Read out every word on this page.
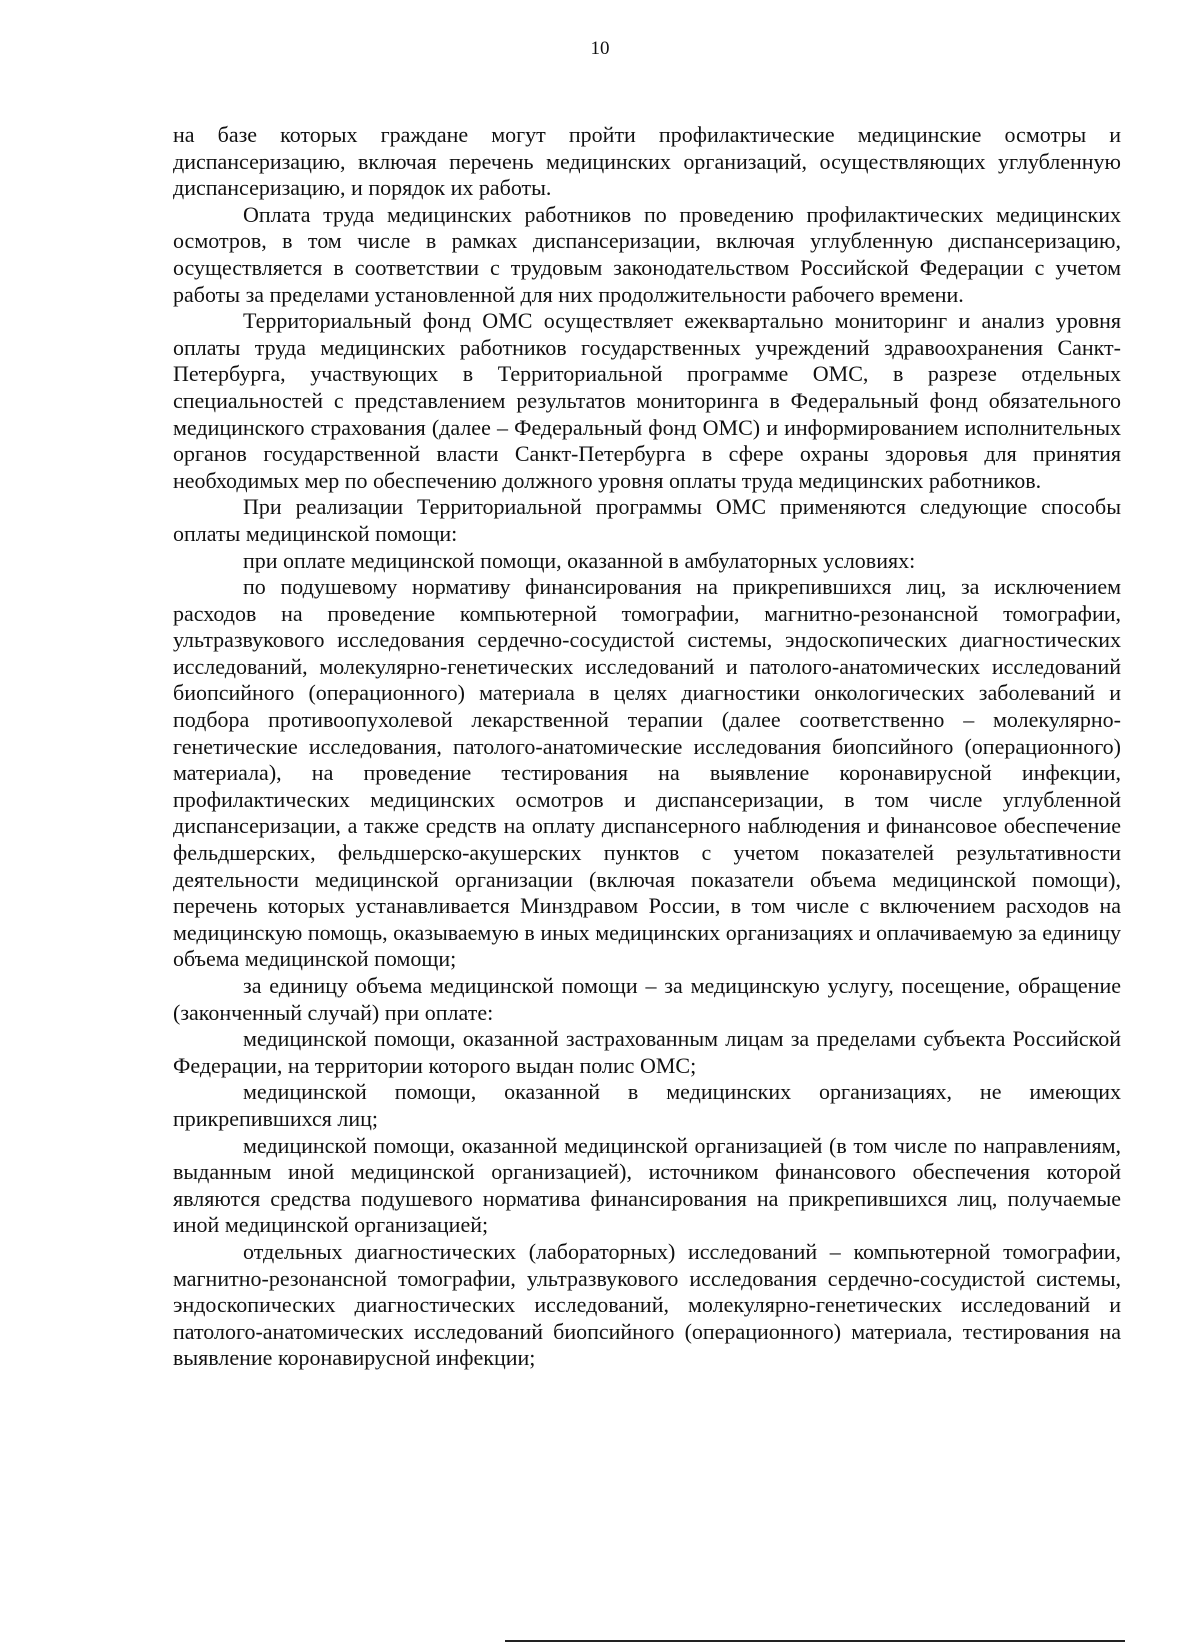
10

на базе которых граждане могут пройти профилактические медицинские осмотры и диспансеризацию, включая перечень медицинских организаций, осуществляющих углубленную диспансеризацию, и порядок их работы.

Оплата труда медицинских работников по проведению профилактических медицинских осмотров, в том числе в рамках диспансеризации, включая углубленную диспансеризацию, осуществляется в соответствии с трудовым законодательством Российской Федерации с учетом работы за пределами установленной для них продолжительности рабочего времени.

Территориальный фонд ОМС осуществляет ежеквартально мониторинг и анализ уровня оплаты труда медицинских работников государственных учреждений здравоохранения Санкт-Петербурга, участвующих в Территориальной программе ОМС, в разрезе отдельных специальностей с представлением результатов мониторинга в Федеральный фонд обязательного медицинского страхования (далее – Федеральный фонд ОМС) и информированием исполнительных органов государственной власти Санкт-Петербурга в сфере охраны здоровья для принятия необходимых мер по обеспечению должного уровня оплаты труда медицинских работников.

При реализации Территориальной программы ОМС применяются следующие способы оплаты медицинской помощи:

при оплате медицинской помощи, оказанной в амбулаторных условиях:

по подушевому нормативу финансирования на прикрепившихся лиц, за исключением расходов на проведение компьютерной томографии, магнитно-резонансной томографии, ультразвукового исследования сердечно-сосудистой системы, эндоскопических диагностических исследований, молекулярно-генетических исследований и патолого-анатомических исследований биопсийного (операционного) материала в целях диагностики онкологических заболеваний и подбора противоопухолевой лекарственной терапии (далее соответственно – молекулярно-генетические исследования, патолого-анатомические исследования биопсийного (операционного) материала), на проведение тестирования на выявление коронавирусной инфекции, профилактических медицинских осмотров и диспансеризации, в том числе углубленной диспансеризации, а также средств на оплату диспансерного наблюдения и финансовое обеспечение фельдшерских, фельдшерско-акушерских пунктов с учетом показателей результативности деятельности медицинской организации (включая показатели объема медицинской помощи), перечень которых устанавливается Минздравом России, в том числе с включением расходов на медицинскую помощь, оказываемую в иных медицинских организациях и оплачиваемую за единицу объема медицинской помощи;

за единицу объема медицинской помощи – за медицинскую услугу, посещение, обращение (законченный случай) при оплате:

медицинской помощи, оказанной застрахованным лицам за пределами субъекта Российской Федерации, на территории которого выдан полис ОМС;

медицинской помощи, оказанной в медицинских организациях, не имеющих прикрепившихся лиц;

медицинской помощи, оказанной медицинской организацией (в том числе по направлениям, выданным иной медицинской организацией), источником финансового обеспечения которой являются средства подушевого норматива финансирования на прикрепившихся лиц, получаемые иной медицинской организацией;

отдельных диагностических (лабораторных) исследований – компьютерной томографии, магнитно-резонансной томографии, ультразвукового исследования сердечно-сосудистой системы, эндоскопических диагностических исследований, молекулярно-генетических исследований и патолого-анатомических исследований биопсийного (операционного) материала, тестирования на выявление коронавирусной инфекции;
